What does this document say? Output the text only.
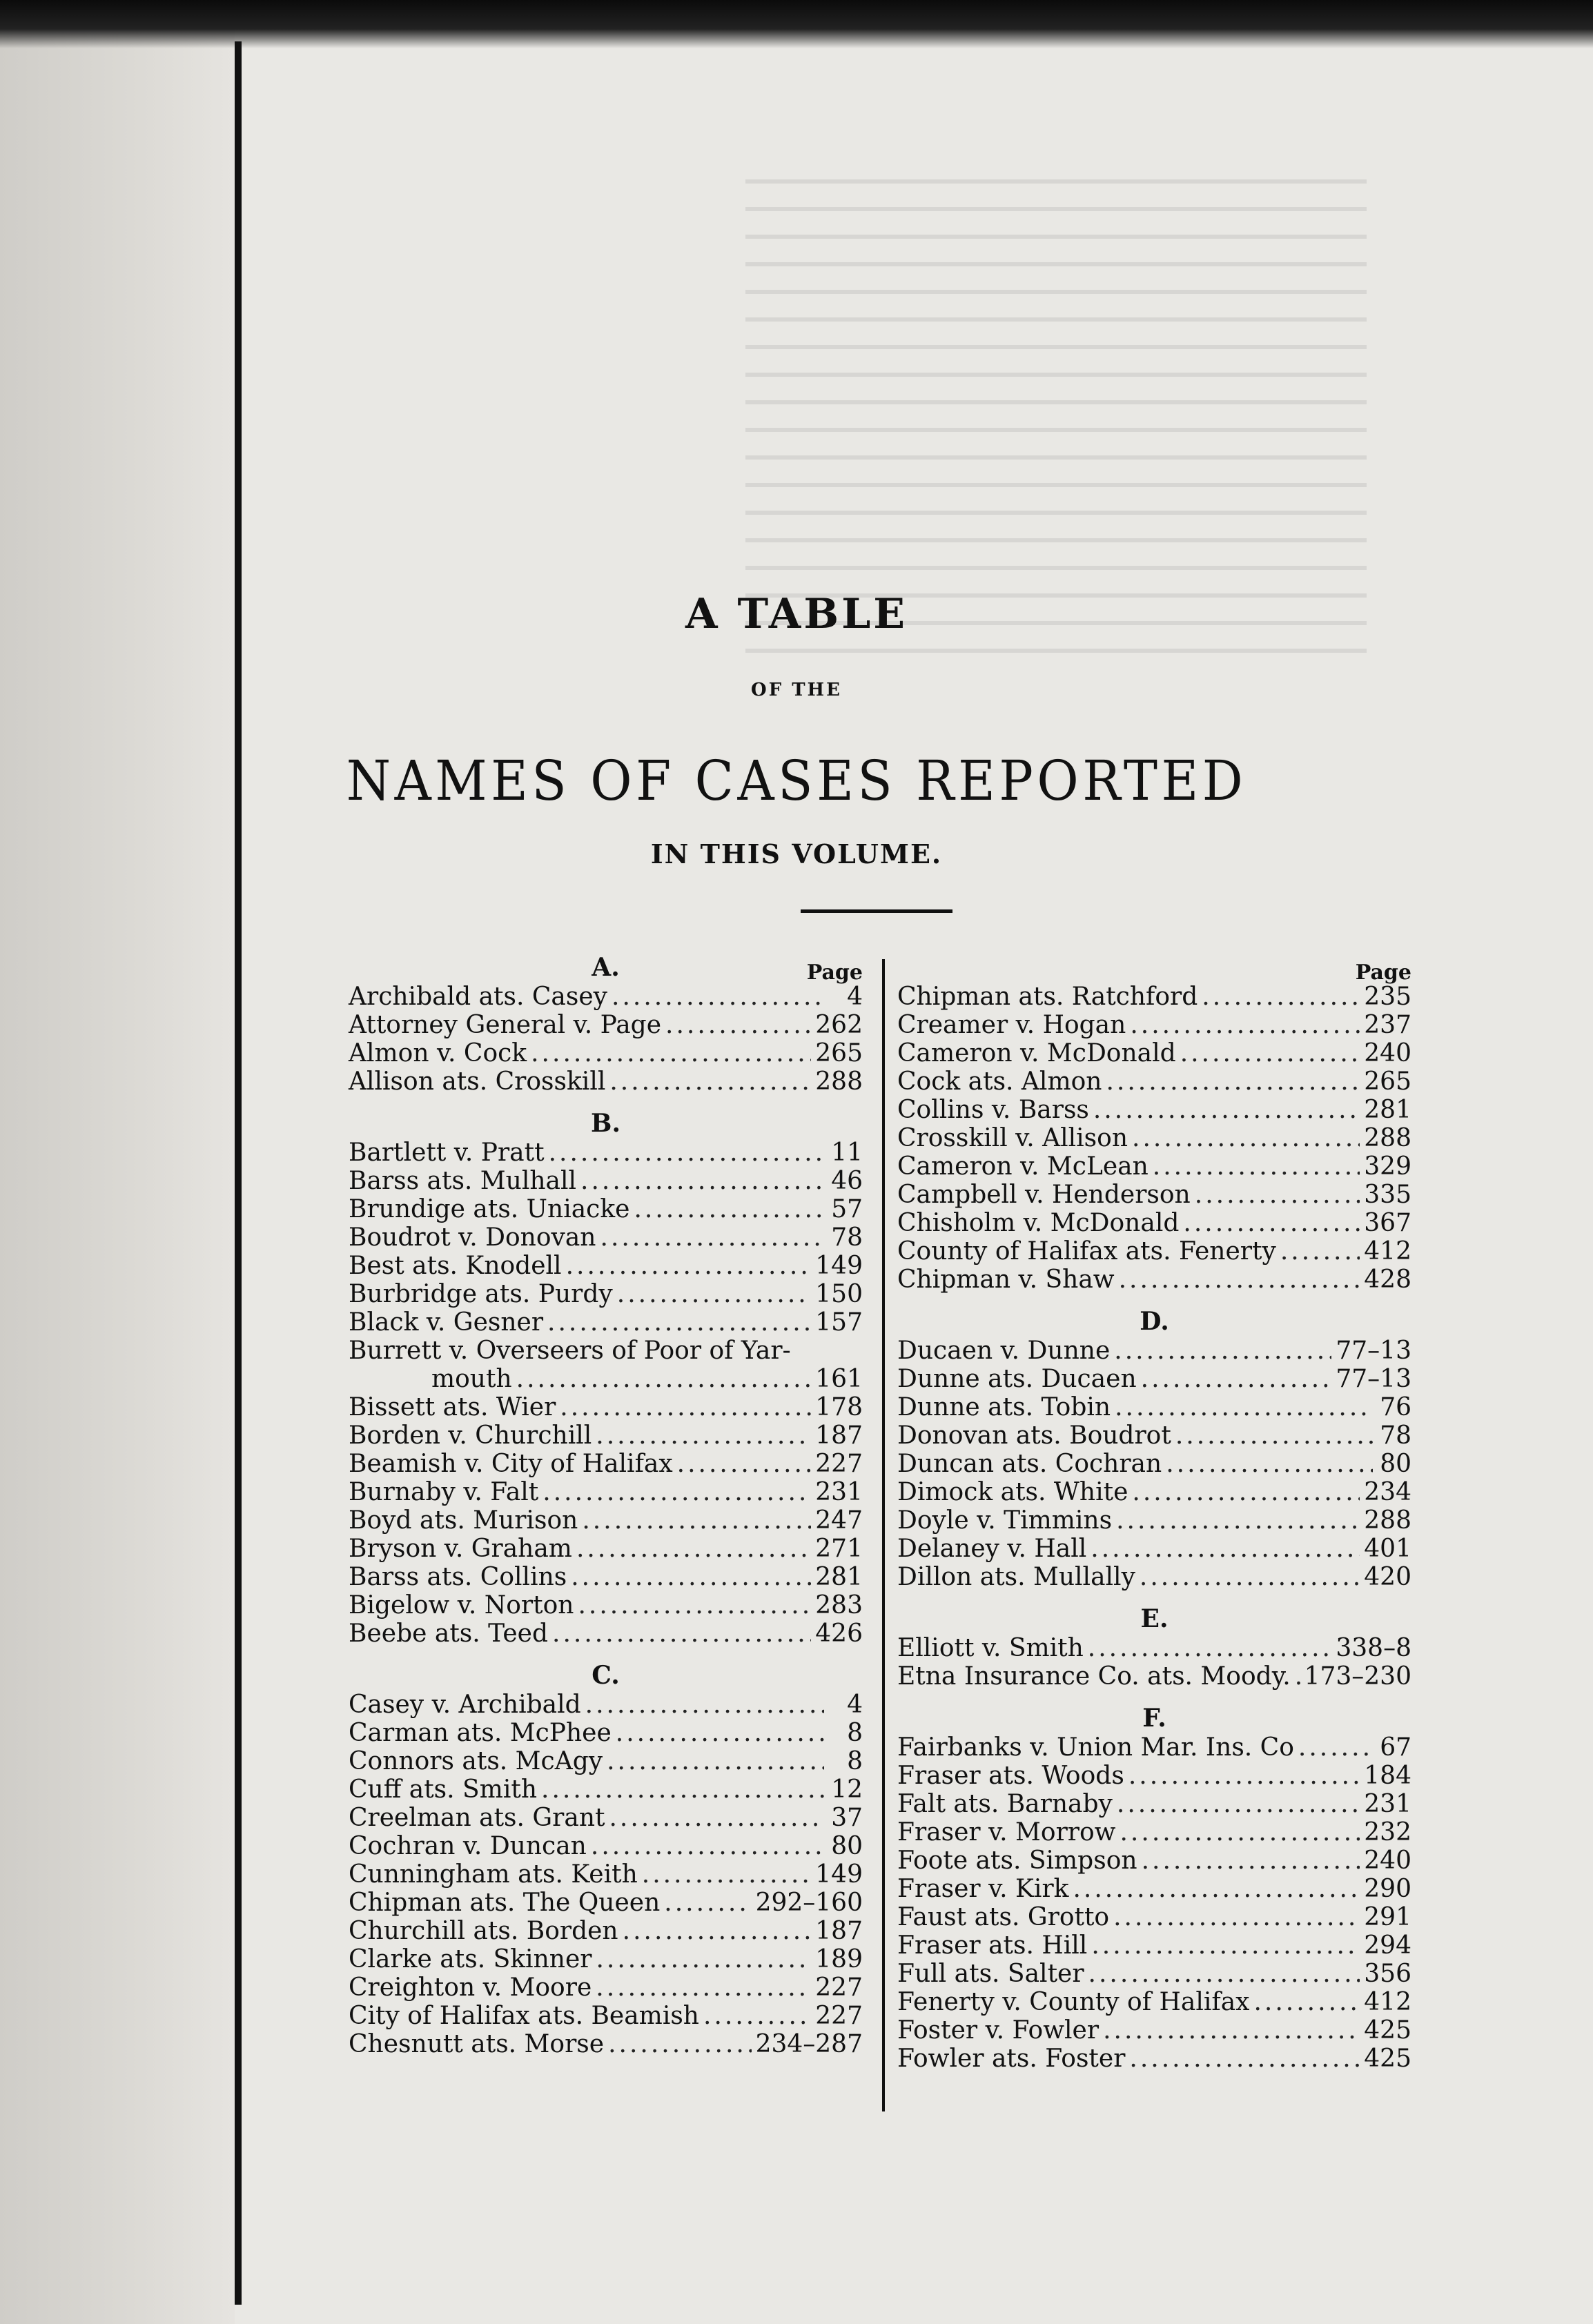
A TABLE
OF THE
NAMES OF CASES REPORTED
IN THIS VOLUME.
A.	Page
Archibald ats. Casey .....	4
Attorney General v. Page .....	262
Almon v. Cock .....	265
Allison ats. Crosskill .....	288
B.
Bartlett v. Pratt .....	11
Barss ats. Mulhall .....	46
Brundige ats. Uniacke .....	57
Boudrot v. Donovan .....	78
Best ats. Knodell .....	149
Burbridge ats. Purdy .....	150
Black v. Gesner .....	157
Burrett v. Overseers of Poor of Yar-
mouth .....	161
Bissett ats. Wier .....	178
Borden v. Churchill .....	187
Beamish v. City of Halifax .....	227
Burnaby v. Falt .....	231
Boyd ats. Murison .....	247
Bryson v. Graham .....	271
Barss ats. Collins .....	281
Bigelow v. Norton .....	283
Beebe ats. Teed .....	426
C.
Casey v. Archibald .....	4
Carman ats. McPhee .....	8
Connors ats. McAgy .....	8
Cuff ats. Smith .....	12
Creelman ats. Grant .....	37
Cochran v. Duncan .....	80
Cunningham ats. Keith .....	149
Chipman ats. The Queen .....	292–160
Churchill ats. Borden .....	187
Clarke ats. Skinner .....	189
Creighton v. Moore .....	227
City of Halifax ats. Beamish .....	227
Chesnutt ats. Morse .....	234–287
Page
Chipman ats. Ratchford .....	235
Creamer v. Hogan .....	237
Cameron v. McDonald .....	240
Cock ats. Almon .....	265
Collins v. Barss .....	281
Crosskill v. Allison .....	288
Cameron v. McLean .....	329
Campbell v. Henderson .....	335
Chisholm v. McDonald .....	367
County of Halifax ats. Fenerty .....	412
Chipman v. Shaw .....	428
D.
Ducaen v. Dunne .....	77–13
Dunne ats. Ducaen .....	77–13
Dunne ats. Tobin .....	76
Donovan ats. Boudrot .....	78
Duncan ats. Cochran .....	80
Dimock ats. White .....	234
Doyle v. Timmins .....	288
Delaney v. Hall .....	401
Dillon ats. Mullally .....	420
E.
Elliott v. Smith .....	338–8
Etna Insurance Co. ats. Moody. ..... 173–230
F.
Fairbanks v. Union Mar. Ins. Co .....	67
Fraser ats. Woods .....	184
Falt ats. Barnaby .....	231
Fraser v. Morrow .....	232
Foote ats. Simpson .....	240
Fraser v. Kirk .....	290
Faust ats. Grotto .....	291
Fraser ats. Hill .....	294
Full ats. Salter .....	356
Fenerty v. County of Halifax .....	412
Foster v. Fowler .....	425
Fowler ats. Foster .....	425
